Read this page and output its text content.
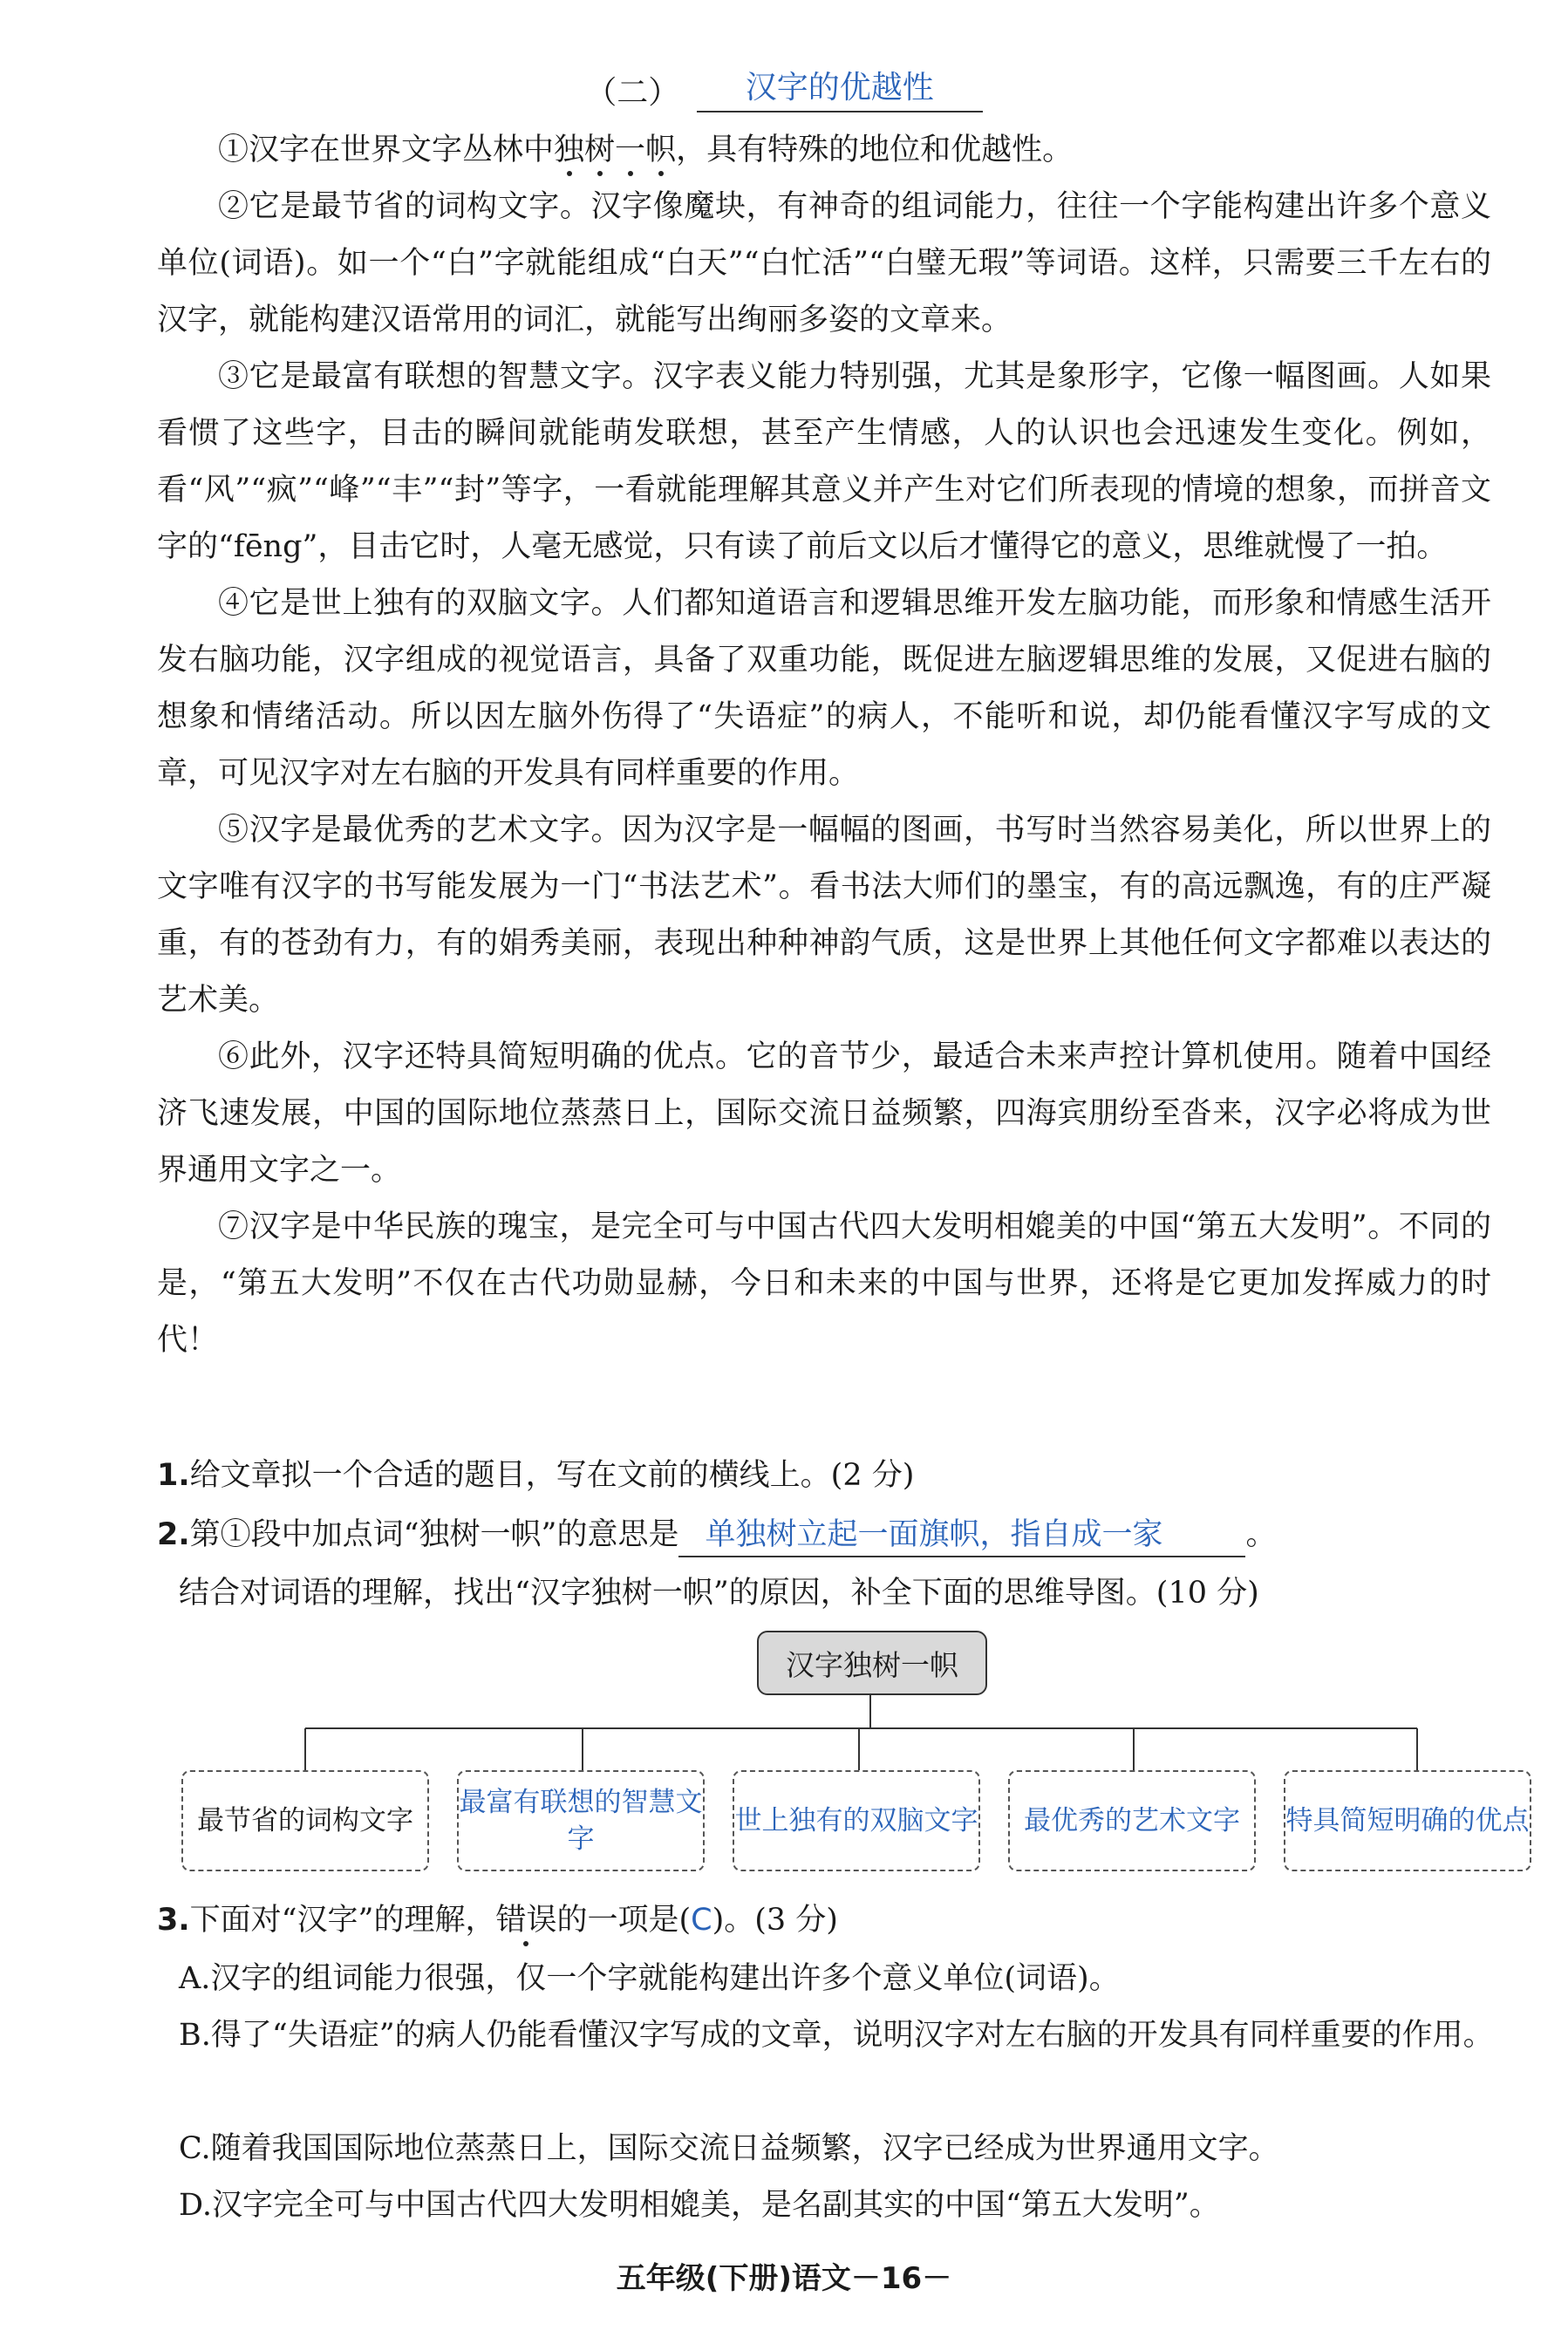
（二） 汉字的优越性

①汉字在世界文字丛林中独树一帜，具有特殊的地位和优越性。

②它是最节省的词构文字。汉字像魔块，有神奇的组词能力，往往一个字能构建出许多个意义单位(词语)。如一个“白”字就能组成“白天”“白忙活”“白璧无瑕”等词语。这样，只需要三千左右的汉字，就能构建汉语常用的词汇，就能写出绚丽多姿的文章来。

③它是最富有联想的智慧文字。汉字表义能力特别强，尤其是象形字，它像一幅图画。人如果看惯了这些字，目击的瞬间就能萌发联想，甚至产生情感，人的认识也会迅速发生变化。例如，看“风”“疯”“峰”“丰”“封”等字，一看就能理解其意义并产生对它们所表现的情境的想象，而拼音文字的“fēng”，目击它时，人毫无感觉，只有读了前后文以后才懂得它的意义，思维就慢了一拍。

④它是世上独有的双脑文字。人们都知道语言和逻辑思维开发左脑功能，而形象和情感生活开发右脑功能，汉字组成的视觉语言，具备了双重功能，既促进左脑逻辑思维的发展，又促进右脑的想象和情绪活动。所以因左脑外伤得了“失语症”的病人，不能听和说，却仍能看懂汉字写成的文章，可见汉字对左右脑的开发具有同样重要的作用。

⑤汉字是最优秀的艺术文字。因为汉字是一幅幅的图画，书写时当然容易美化，所以世界上的文字唯有汉字的书写能发展为一门“书法艺术”。看书法大师们的墨宝，有的高远飘逸，有的庄严凝重，有的苍劲有力，有的娟秀美丽，表现出种种神韵气质，这是世界上其他任何文字都难以表达的艺术美。

⑥此外，汉字还特具简短明确的优点。它的音节少，最适合未来声控计算机使用。随着中国经济飞速发展，中国的国际地位蒸蒸日上，国际交流日益频繁，四海宾朋纷至沓来，汉字必将成为世界通用文字之一。

⑦汉字是中华民族的瑰宝，是完全可与中国古代四大发明相媲美的中国“第五大发明”。不同的是，“第五大发明”不仅在古代功勋显赫，今日和未来的中国与世界，还将是它更加发挥威力的时代！

1.给文章拟一个合适的题目，写在文前的横线上。(2 分)
2.第①段中加点词“独树一帜”的意思是 单独树立起一面旗帜，指自成一家	。
结合对词语的理解，找出“汉字独树一帜”的原因，补全下面的思维导图。(10 分)
汉字独树一帜
最节省的词构文字
最富有联想的智慧文字
世上独有的双脑文字	最优秀的艺术文字	特具简短明确的优点
3.下面对“汉字”的理解，错误的一项是(C)。(3 分)
A.汉字的组词能力很强，仅一个字就能构建出许多个意义单位(词语)。
B.得了“失语症”的病人仍能看懂汉字写成的文章，说明汉字对左右脑的开发具有同样重要的作用。
C.随着我国国际地位蒸蒸日上，国际交流日益频繁，汉字已经成为世界通用文字。
D.汉字完全可与中国古代四大发明相媲美，是名副其实的中国“第五大发明”。
五年级(下册)语文－16－
